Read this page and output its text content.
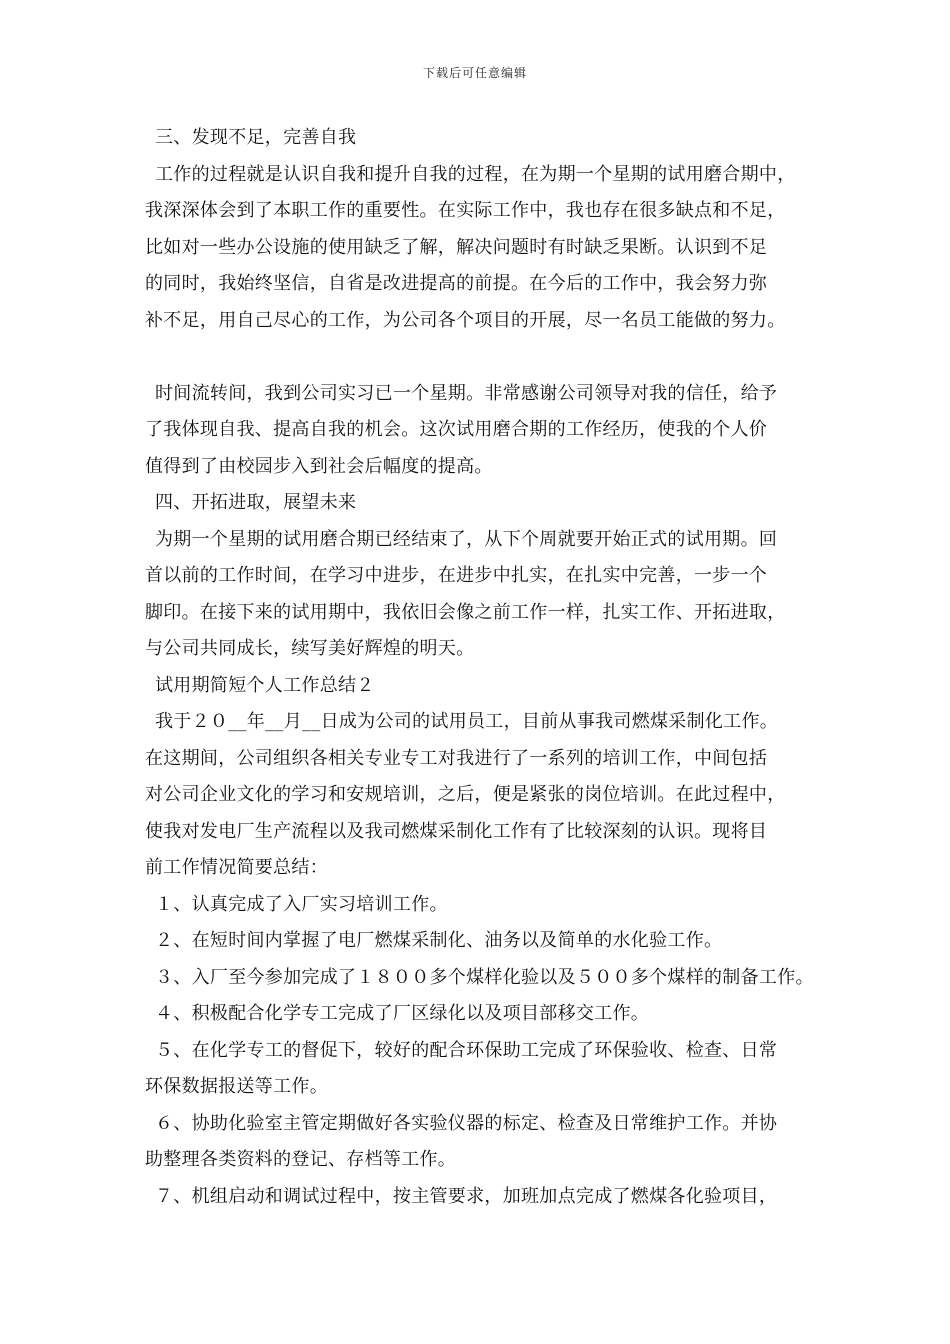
下载后可任意编辑
三、发现不足，完善自我
工作的过程就是认识自我和提升自我的过程，在为期一个星期的试用磨合期中，
我深深体会到了本职工作的重要性。在实际工作中，我也存在很多缺点和不足，
比如对一些办公设施的使用缺乏了解，解决问题时有时缺乏果断。认识到不足
的同时，我始终坚信，自省是改进提高的前提。在今后的工作中，我会努力弥
补不足，用自己尽心的工作，为公司各个项目的开展，尽一名员工能做的努力。
时间流转间，我到公司实习已一个星期。非常感谢公司领导对我的信任，给予
了我体现自我、提高自我的机会。这次试用磨合期的工作经历，使我的个人价
值得到了由校园步入到社会后幅度的提高。
四、开拓进取，展望未来
为期一个星期的试用磨合期已经结束了，从下个周就要开始正式的试用期。回
首以前的工作时间，在学习中进步，在进步中扎实，在扎实中完善，一步一个
脚印。在接下来的试用期中，我依旧会像之前工作一样，扎实工作、开拓进取，
与公司共同成长，续写美好辉煌的明天。
试用期简短个人工作总结２
我于２０__年__月__日成为公司的试用员工，目前从事我司燃煤采制化工作。
在这期间，公司组织各相关专业专工对我进行了一系列的培训工作，中间包括
对公司企业文化的学习和安规培训，之后，便是紧张的岗位培训。在此过程中，
使我对发电厂生产流程以及我司燃煤采制化工作有了比较深刻的认识。现将目
前工作情况简要总结：
１、认真完成了入厂实习培训工作。
２、在短时间内掌握了电厂燃煤采制化、油务以及简单的水化验工作。
３、入厂至今参加完成了１８００多个煤样化验以及５００多个煤样的制备工作。
４、积极配合化学专工完成了厂区绿化以及项目部移交工作。
５、在化学专工的督促下，较好的配合环保助工完成了环保验收、检查、日常
环保数据报送等工作。
６、协助化验室主管定期做好各实验仪器的标定、检查及日常维护工作。并协
助整理各类资料的登记、存档等工作。
７、机组启动和调试过程中，按主管要求，加班加点完成了燃煤各化验项目，
